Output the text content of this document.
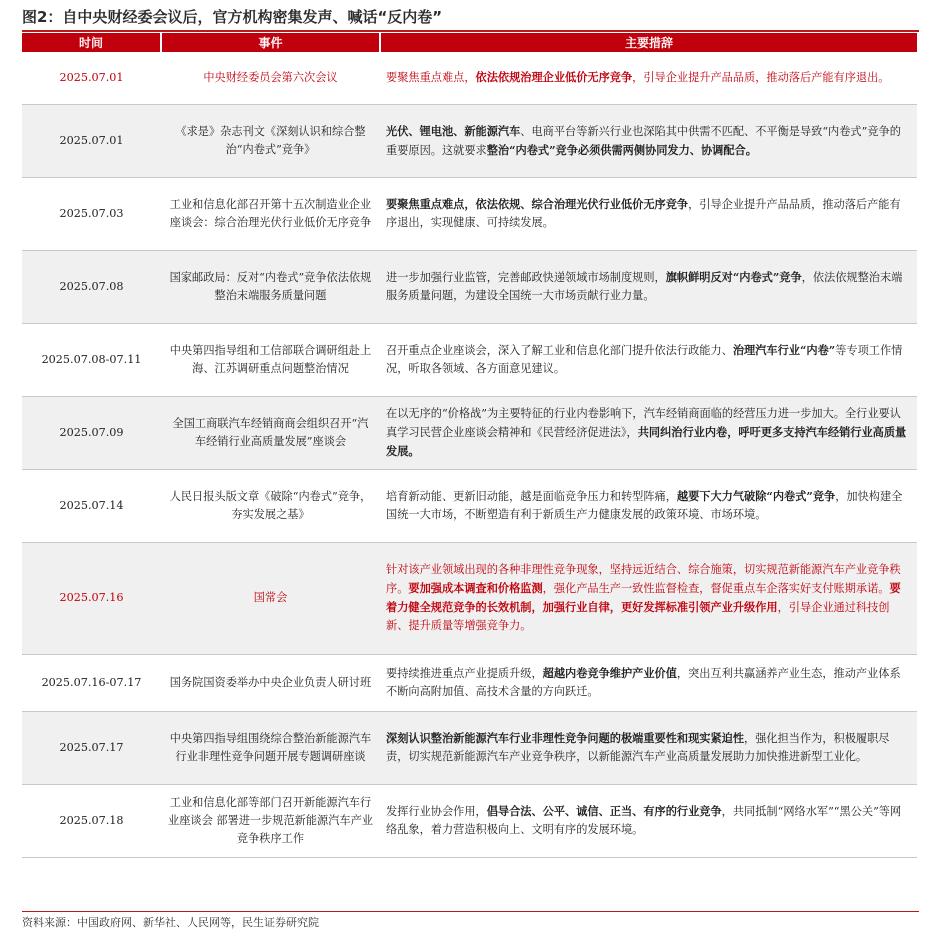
图2：自中央财经委会议后，官方机构密集发声、喊话“反内卷”
时间	事件	主要措辞
2025.07.01	中央财经委员会第六次会议	要聚焦重点难点，依法依规治理企业低价无序竞争，引导企业提升产品品质，推动落后产能有序退出。
2025.07.01	《求是》杂志刊文《深刻认识和综合整治“内卷式”竞争》	光伏、锂电池、新能源汽车、电商平台等新兴行业也深陷其中供需不匹配、不平衡是导致“内卷式”竞争的重要原因。这就要求整治“内卷式”竞争必须供需两侧协同发力、协调配合。
2025.07.03	工业和信息化部召开第十五次制造业企业座谈会：综合治理光伏行业低价无序竞争	要聚焦重点难点，依法依规、综合治理光伏行业低价无序竞争，引导企业提升产品品质，推动落后产能有序退出，实现健康、可持续发展。
2025.07.08	国家邮政局：反对“内卷式”竞争依法依规整治末端服务质量问题	进一步加强行业监管，完善邮政快递领域市场制度规则，旗帜鲜明反对“内卷式”竞争，依法依规整治末端服务质量问题，为建设全国统一大市场贡献行业力量。
2025.07.08-07.11	中央第四指导组和工信部联合调研组赴上海、江苏调研重点问题整治情况	召开重点企业座谈会，深入了解工业和信息化部门提升依法行政能力、治理汽车行业“内卷”等专项工作情况，听取各领域、各方面意见建议。
2025.07.09	全国工商联汽车经销商商会组织召开“汽车经销行业高质量发展”座谈会	在以无序的“价格战”为主要特征的行业内卷影响下，汽车经销商面临的经营压力进一步加大。全行业要认真学习民营企业座谈会精神和《民营经济促进法》，共同纠治行业内卷，呼吁更多支持汽车经销行业高质量发展。
2025.07.14	人民日报头版文章《破除“内卷式”竞争，夯实发展之基》	培育新动能、更新旧动能，越是面临竞争压力和转型阵痛，越要下大力气破除“内卷式”竞争，加快构建全国统一大市场，不断塑造有利于新质生产力健康发展的政策环境、市场环境。
2025.07.16	国常会	针对该产业领域出现的各种非理性竞争现象，坚持远近结合、综合施策，切实规范新能源汽车产业竞争秩序。要加强成本调查和价格监测，强化产品生产一致性监督检查，督促重点车企落实好支付账期承诺。要着力健全规范竞争的长效机制，加强行业自律，更好发挥标准引领产业升级作用，引导企业通过科技创新、提升质量等增强竞争力。
2025.07.16-07.17	国务院国资委举办中央企业负责人研讨班	要持续推进重点产业提质升级，超越内卷竞争维护产业价值，突出互利共赢涵养产业生态，推动产业体系不断向高附加值、高技术含量的方向跃迁。
2025.07.17	中央第四指导组围绕综合整治新能源汽车行业非理性竞争问题开展专题调研座谈	深刻认识整治新能源汽车行业非理性竞争问题的极端重要性和现实紧迫性，强化担当作为，积极履职尽责，切实规范新能源汽车产业竞争秩序，以新能源汽车产业高质量发展助力加快推进新型工业化。
2025.07.18	工业和信息化部等部门召开新能源汽车行业座谈会 部署进一步规范新能源汽车产业竞争秩序工作	发挥行业协会作用，倡导合法、公平、诚信、正当、有序的行业竞争，共同抵制“网络水军”“黑公关”等网络乱象，着力营造积极向上、文明有序的发展环境。
资料来源：中国政府网、新华社、人民网等，民生证券研究院
